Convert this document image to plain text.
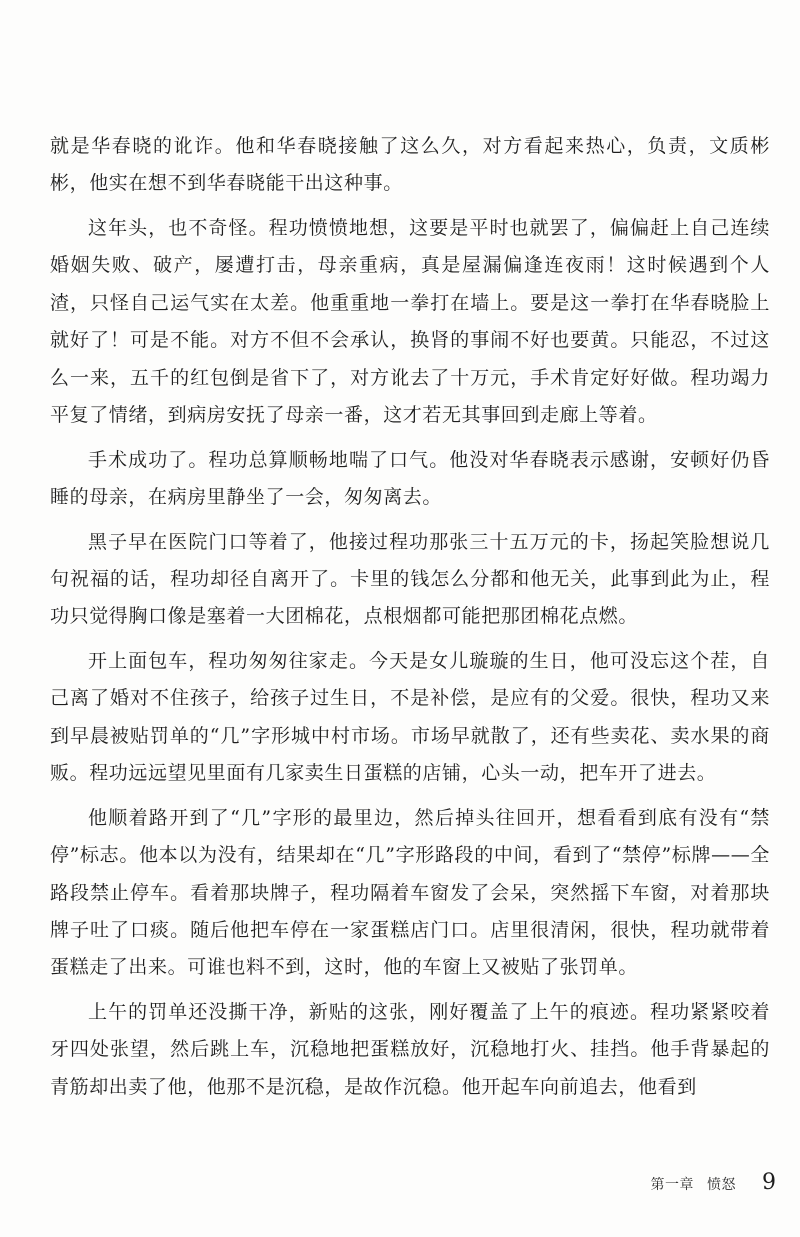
就是华春晓的讹诈。他和华春晓接触了这么久，对方看起来热心，负责，文质彬彬，他实在想不到华春晓能干出这种事。

这年头，也不奇怪。程功愤愤地想，这要是平时也就罢了，偏偏赶上自己连续婚姻失败、破产，屡遭打击，母亲重病，真是屋漏偏逢连夜雨！这时候遇到个人渣，只怪自己运气实在太差。他重重地一拳打在墙上。要是这一拳打在华春晓脸上就好了！可是不能。对方不但不会承认，换肾的事闹不好也要黄。只能忍，不过这么一来，五千的红包倒是省下了，对方讹去了十万元，手术肯定好好做。程功竭力平复了情绪，到病房安抚了母亲一番，这才若无其事回到走廊上等着。

手术成功了。程功总算顺畅地喘了口气。他没对华春晓表示感谢，安顿好仍昏睡的母亲，在病房里静坐了一会，匆匆离去。

黑子早在医院门口等着了，他接过程功那张三十五万元的卡，扬起笑脸想说几句祝福的话，程功却径自离开了。卡里的钱怎么分都和他无关，此事到此为止，程功只觉得胸口像是塞着一大团棉花，点根烟都可能把那团棉花点燃。

开上面包车，程功匆匆往家走。今天是女儿璇璇的生日，他可没忘这个茬，自己离了婚对不住孩子，给孩子过生日，不是补偿，是应有的父爱。很快，程功又来到早晨被贴罚单的“几”字形城中村市场。市场早就散了，还有些卖花、卖水果的商贩。程功远远望见里面有几家卖生日蛋糕的店铺，心头一动，把车开了进去。

他顺着路开到了“几”字形的最里边，然后掉头往回开，想看看到底有没有“禁停”标志。他本以为没有，结果却在“几”字形路段的中间，看到了“禁停”标牌——全路段禁止停车。看着那块牌子，程功隔着车窗发了会呆，突然摇下车窗，对着那块牌子吐了口痰。随后他把车停在一家蛋糕店门口。店里很清闲，很快，程功就带着蛋糕走了出来。可谁也料不到，这时，他的车窗上又被贴了张罚单。

上午的罚单还没撕干净，新贴的这张，刚好覆盖了上午的痕迹。程功紧紧咬着牙四处张望，然后跳上车，沉稳地把蛋糕放好，沉稳地打火、挂挡。他手背暴起的青筋却出卖了他，他那不是沉稳，是故作沉稳。他开起车向前追去，他看到

第一章 愤怒 9
